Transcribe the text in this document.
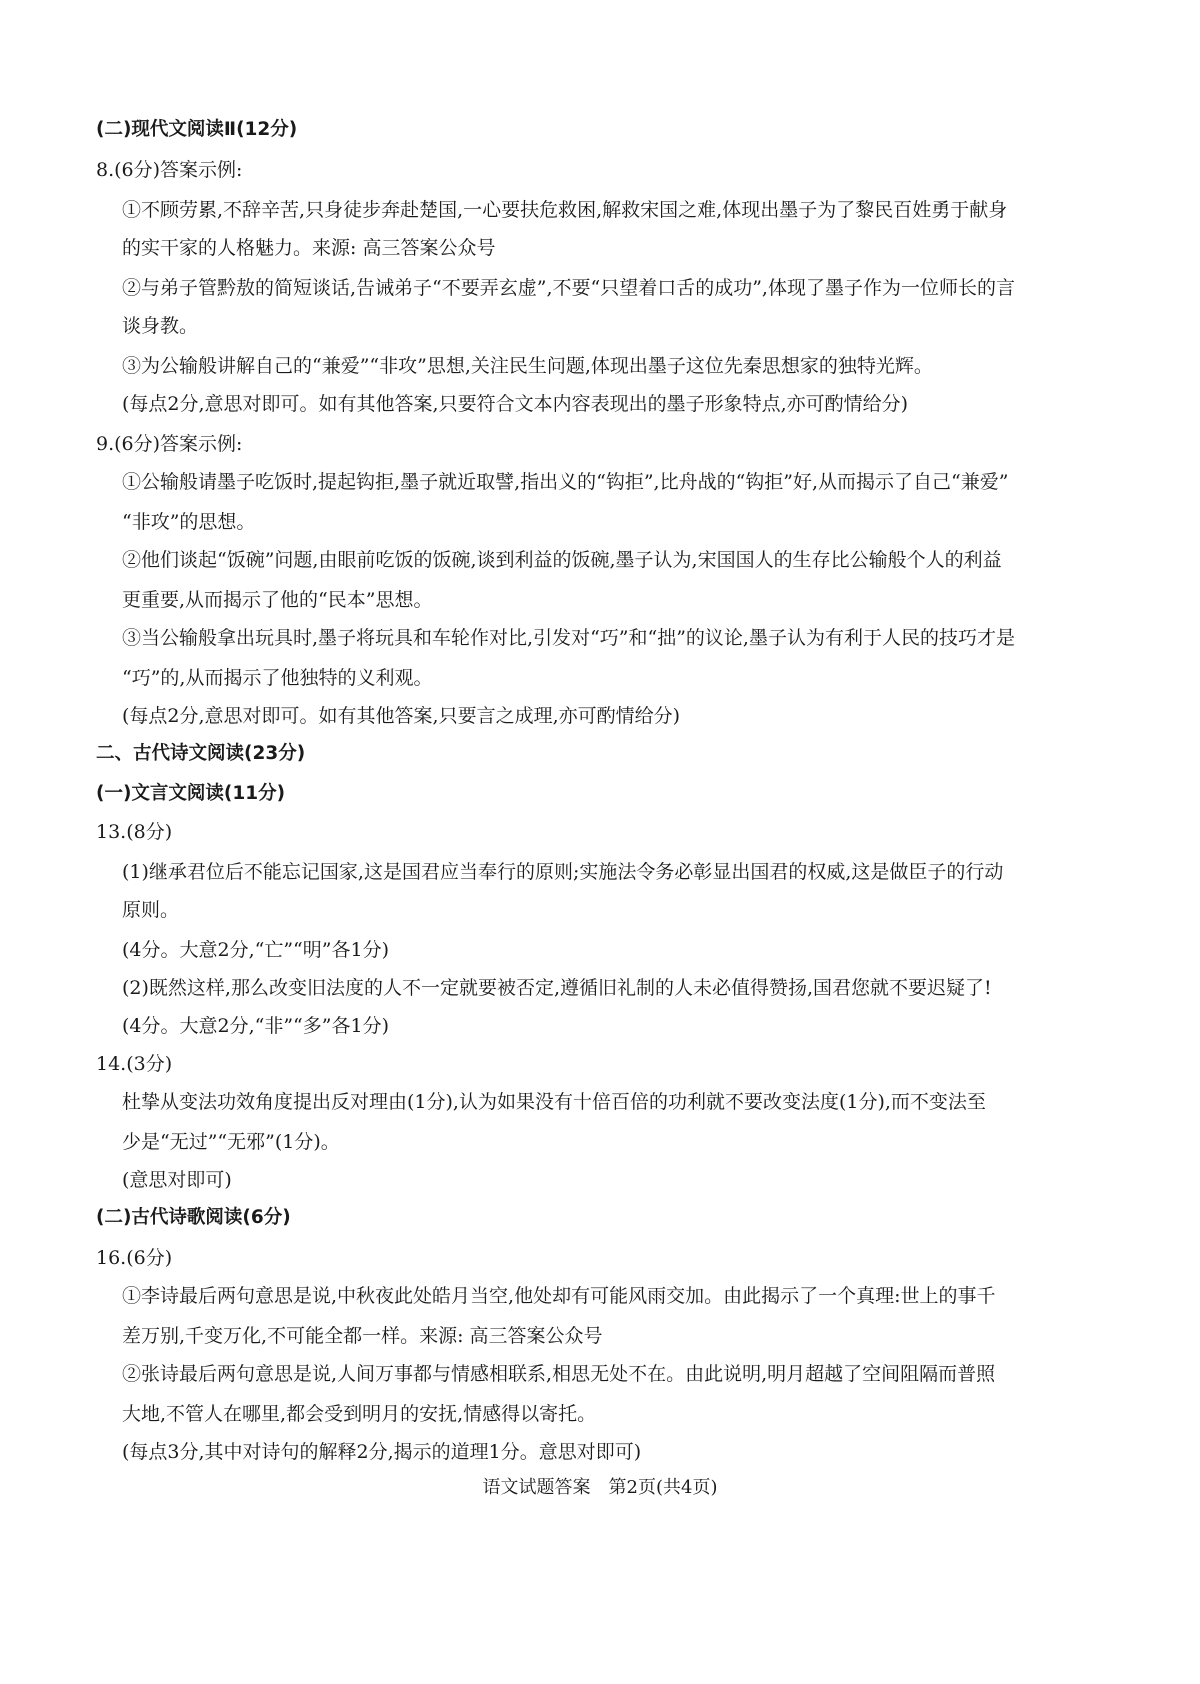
(二)现代文阅读Ⅱ(12分)
8.(6分)答案示例:
①不顾劳累,不辞辛苦,只身徒步奔赴楚国,一心要扶危救困,解救宋国之难,体现出墨子为了黎民百姓勇于献身
的实干家的人格魅力。来源: 高三答案公众号
②与弟子管黔敖的简短谈话,告诫弟子“不要弄玄虚”,不要“只望着口舌的成功”,体现了墨子作为一位师长的言
谈身教。
③为公输般讲解自己的“兼爱”“非攻”思想,关注民生问题,体现出墨子这位先秦思想家的独特光辉。
(每点2分,意思对即可。如有其他答案,只要符合文本内容表现出的墨子形象特点,亦可酌情给分)
9.(6分)答案示例:
①公输般请墨子吃饭时,提起钩拒,墨子就近取譬,指出义的“钩拒”,比舟战的“钩拒”好,从而揭示了自己“兼爱”
“非攻”的思想。
②他们谈起“饭碗”问题,由眼前吃饭的饭碗,谈到利益的饭碗,墨子认为,宋国国人的生存比公输般个人的利益
更重要,从而揭示了他的“民本”思想。
③当公输般拿出玩具时,墨子将玩具和车轮作对比,引发对“巧”和“拙”的议论,墨子认为有利于人民的技巧才是
“巧”的,从而揭示了他独特的义利观。
(每点2分,意思对即可。如有其他答案,只要言之成理,亦可酌情给分)
二、古代诗文阅读(23分)
(一)文言文阅读(11分)
13.(8分)
(1)继承君位后不能忘记国家,这是国君应当奉行的原则;实施法令务必彰显出国君的权威,这是做臣子的行动
原则。
(4分。大意2分,“亡”“明”各1分)
(2)既然这样,那么改变旧法度的人不一定就要被否定,遵循旧礼制的人未必值得赞扬,国君您就不要迟疑了!
(4分。大意2分,“非”“多”各1分)
14.(3分)
杜挚从变法功效角度提出反对理由(1分),认为如果没有十倍百倍的功利就不要改变法度(1分),而不变法至
少是“无过”“无邪”(1分)。
(意思对即可)
(二)古代诗歌阅读(6分)
16.(6分)
①李诗最后两句意思是说,中秋夜此处皓月当空,他处却有可能风雨交加。由此揭示了一个真理:世上的事千
差万别,千变万化,不可能全都一样。来源: 高三答案公众号
②张诗最后两句意思是说,人间万事都与情感相联系,相思无处不在。由此说明,明月超越了空间阻隔而普照
大地,不管人在哪里,都会受到明月的安抚,情感得以寄托。
(每点3分,其中对诗句的解释2分,揭示的道理1分。意思对即可)
语文试题答案　第2页(共4页)
